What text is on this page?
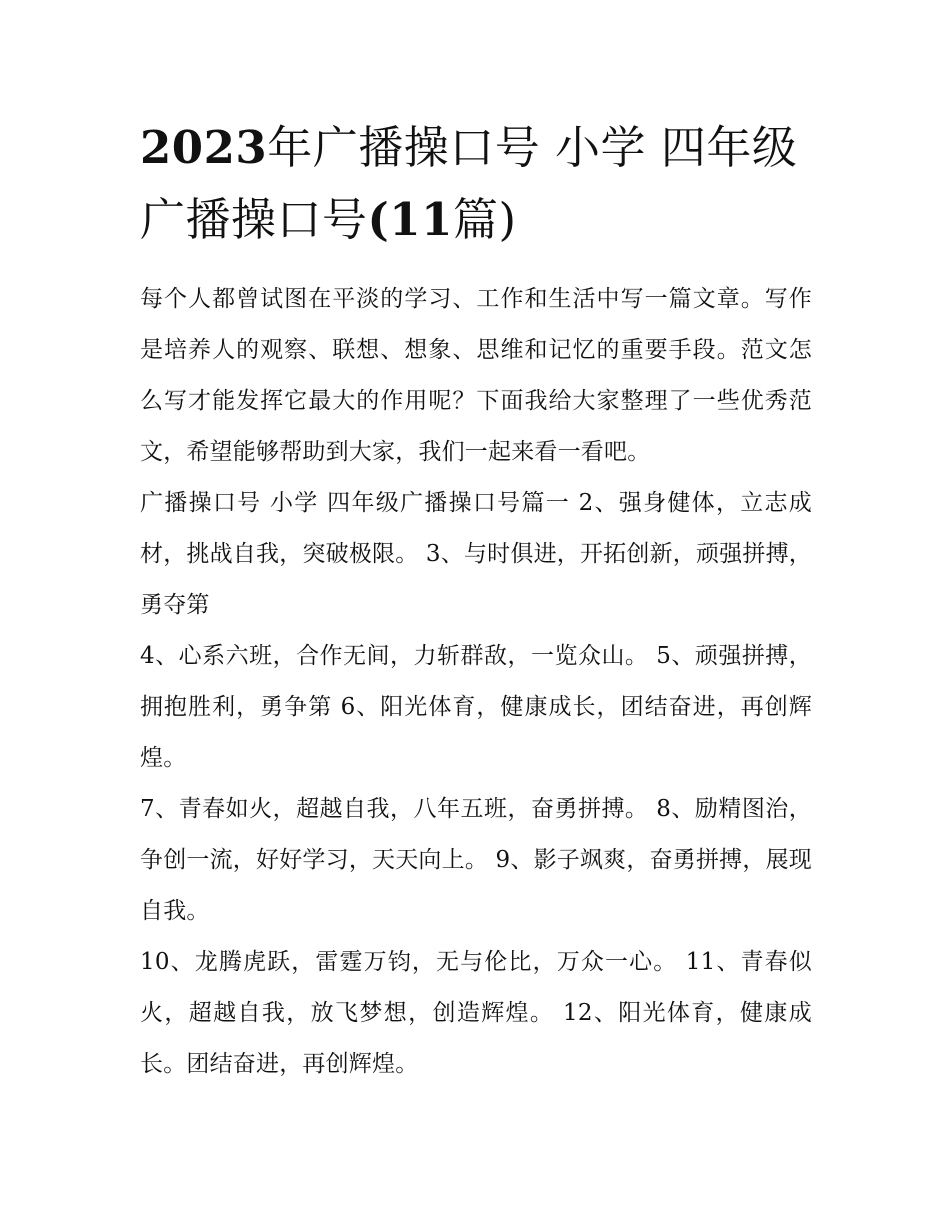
2023年广播操口号 小学 四年级广播操口号(11篇)

每个人都曾试图在平淡的学习、工作和生活中写一篇文章。写作是培养人的观察、联想、想象、思维和记忆的重要手段。范文怎么写才能发挥它最大的作用呢？下面我给大家整理了一些优秀范文，希望能够帮助到大家，我们一起来看一看吧。

广播操口号 小学 四年级广播操口号篇一 2、强身健体，立志成材，挑战自我，突破极限。 3、与时俱进，开拓创新，顽强拼搏，勇夺第

4、心系六班，合作无间，力斩群敌，一览众山。 5、顽强拼搏，拥抱胜利，勇争第 6、阳光体育，健康成长，团结奋进，再创辉煌。

7、青春如火，超越自我，八年五班，奋勇拼搏。 8、励精图治，争创一流，好好学习，天天向上。 9、影子飒爽，奋勇拼搏，展现自我。

10、龙腾虎跃，雷霆万钧，无与伦比，万众一心。 11、青春似火，超越自我，放飞梦想，创造辉煌。 12、阳光体育，健康成长。团结奋进，再创辉煌。
